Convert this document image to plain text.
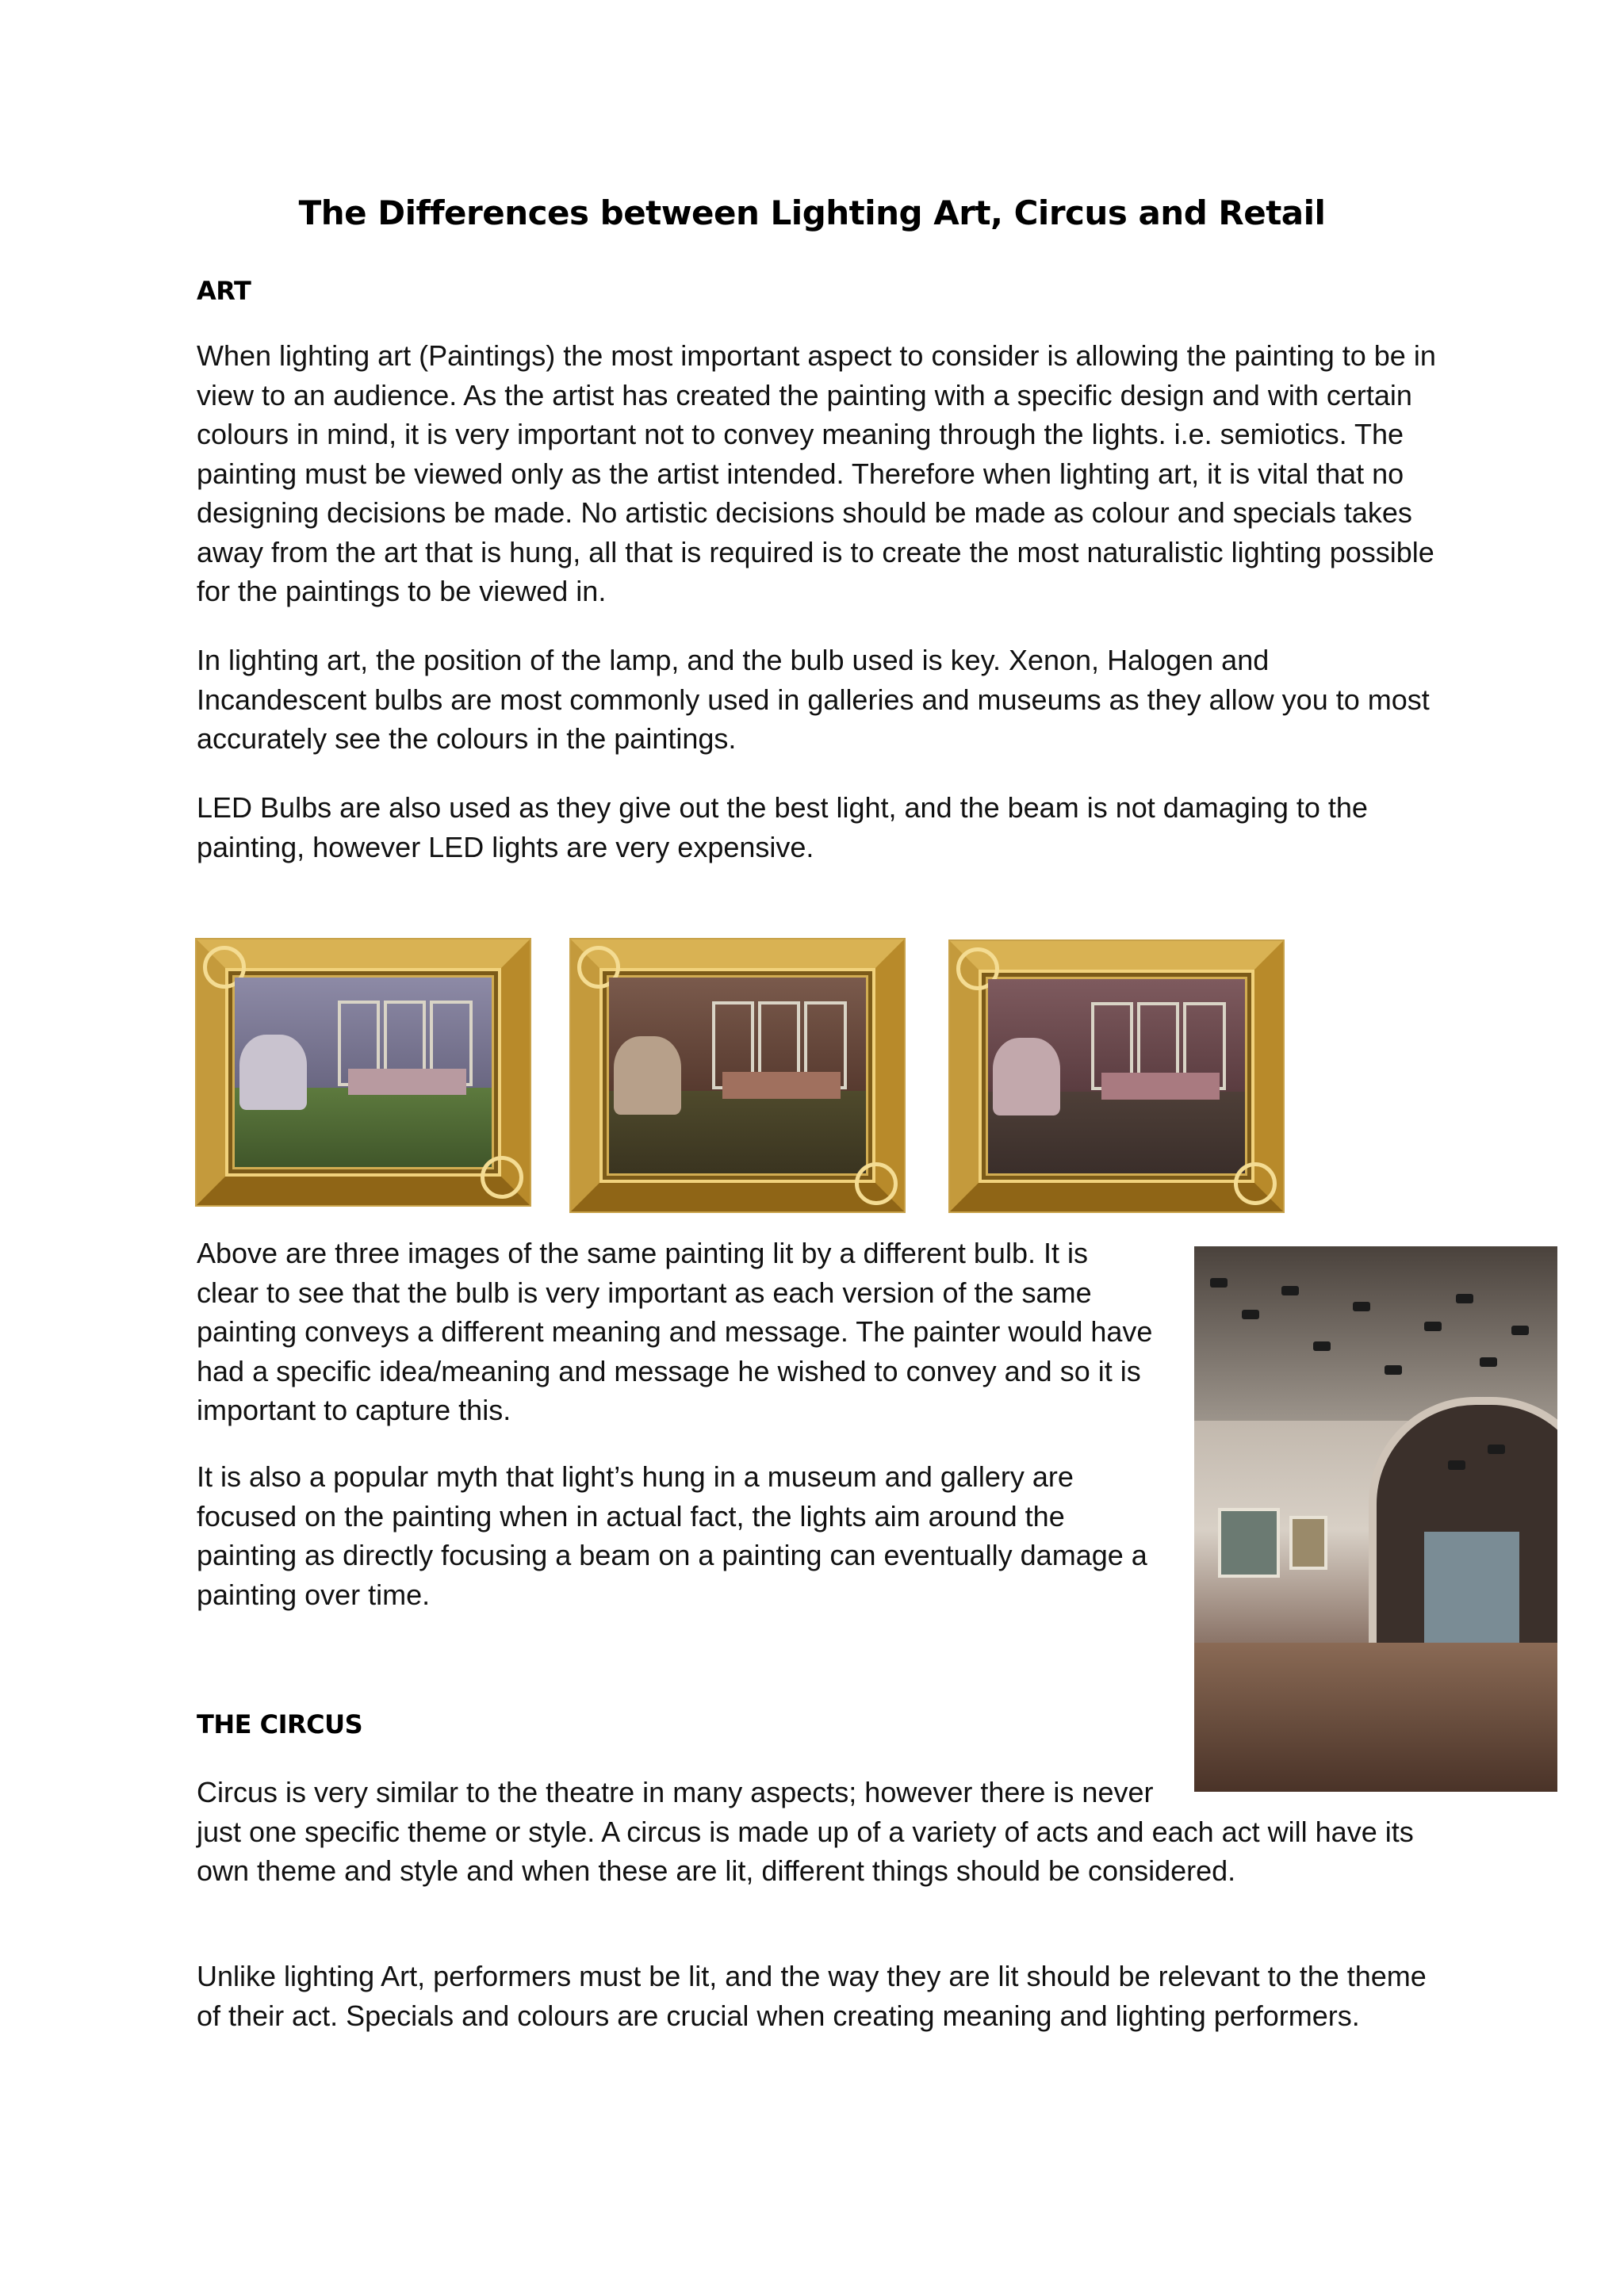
The Differences between Lighting Art, Circus and Retail
ART

When lighting art (Paintings) the most important aspect to consider is allowing the painting to be in view to an audience. As the artist has created the painting with a specific design and with certain colours in mind, it is very important not to convey meaning through the lights. i.e. semiotics. The painting must be viewed only as the artist intended. Therefore when lighting art, it is vital that no designing decisions be made. No artistic decisions should be made as colour and specials takes away from the art that is hung, all that is required is to create the most naturalistic lighting possible for the paintings to be viewed in.

In lighting art, the position of the lamp, and the bulb used is key. Xenon, Halogen and Incandescent bulbs are most commonly used in galleries and museums as they allow you to most accurately see the colours in the paintings.

LED Bulbs are also used as they give out the best light, and the beam is not damaging to the painting, however LED lights are very expensive.

Above are three images of the same painting lit by a different bulb. It is clear to see that the bulb is very important as each version of the same painting conveys a different meaning and message. The painter would have had a specific idea/meaning and message he wished to convey and so it is important to capture this.

It is also a popular myth that light’s hung in a museum and gallery are focused on the painting when in actual fact, the lights aim around the painting as directly focusing a beam on a painting can eventually damage a painting over time.

THE CIRCUS

Circus is very similar to the theatre in many aspects; however there is never just one specific theme or style. A circus is made up of a variety of acts and each act will have its own theme and style and when these are lit, different things should be considered.

Unlike lighting Art, performers must be lit, and the way they are lit should be relevant to the theme of their act. Specials and colours are crucial when creating meaning and lighting performers.
